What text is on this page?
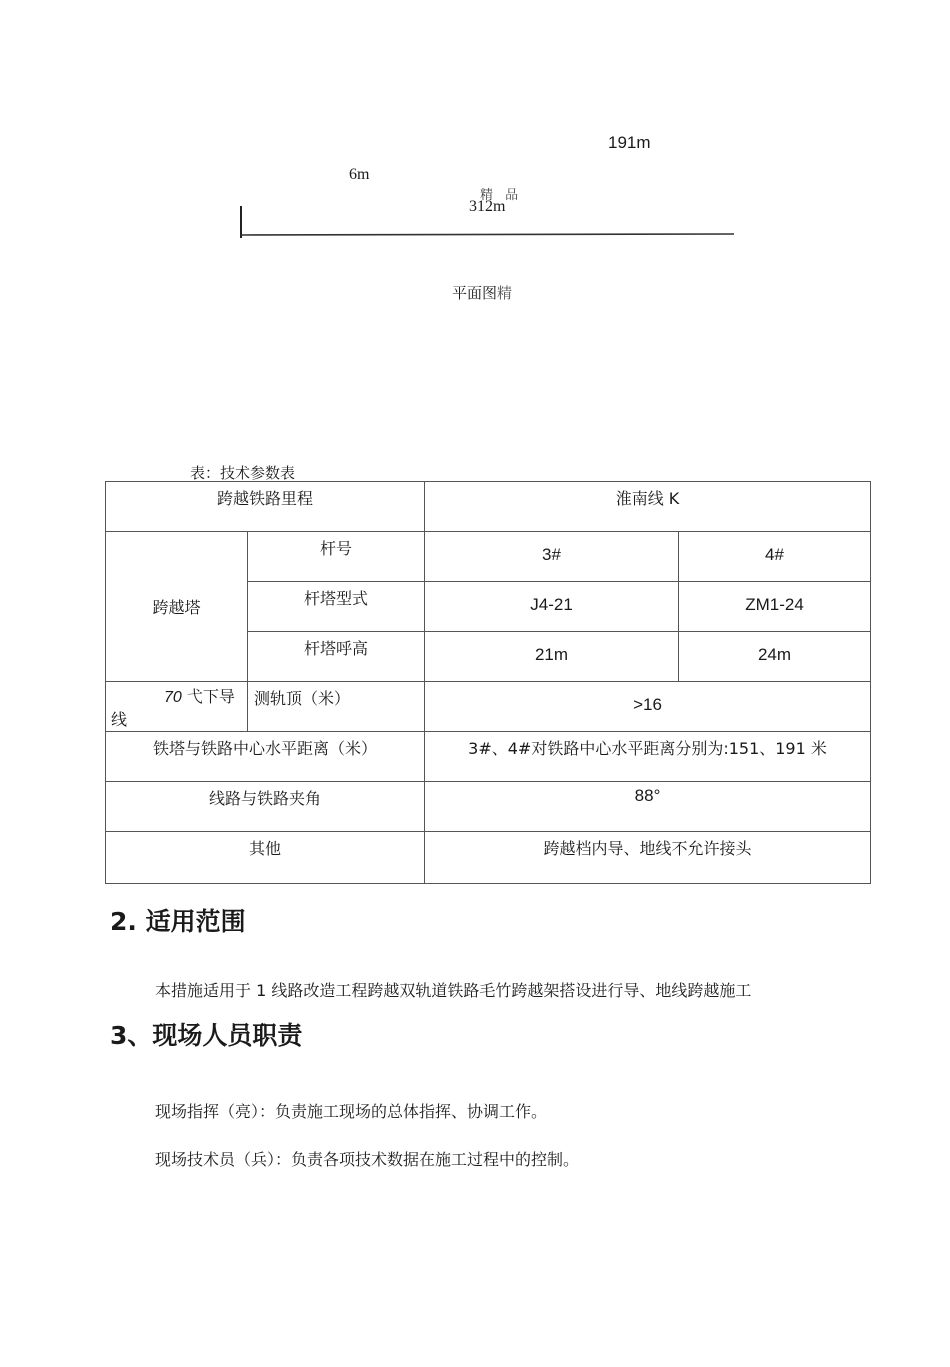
191m
6m
精 品
312m
平面图精
表：技术参数表
跨越铁路里程		淮南线 K	
跨越塔	杆号	3#	4#
	杆塔型式	J4-21	ZM1-24
	杆塔呼高	21m	24m

70 弋下导
线	测轨顶（米）	>16	
铁塔与铁路中心水平距离（米）		3#、4#对铁路中心水平距离分别为:151、191 米	
线路与铁路夹角		88°	
其他		跨越档内导、地线不允许接头	
2. 适用范围
本措施适用于 1 线路改造工程跨越双轨道铁路毛竹跨越架搭设进行导、地线跨越施工
3、现场人员职责
现场指挥（亮）：负责施工现场的总体指挥、协调工作。
现场技术员（兵）：负责各项技术数据在施工过程中的控制。
